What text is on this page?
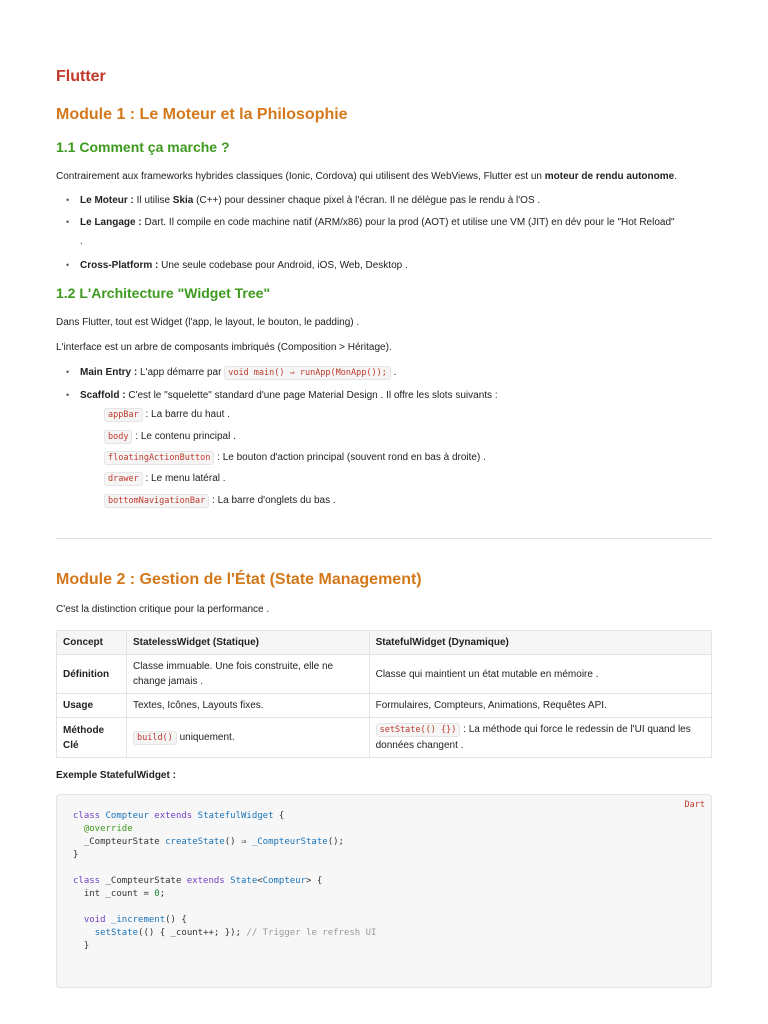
Flutter
Module 1 : Le Moteur et la Philosophie
1.1 Comment ça marche ?
Contrairement aux frameworks hybrides classiques (Ionic, Cordova) qui utilisent des WebViews, Flutter est un moteur de rendu autonome.
• Le Moteur : Il utilise Skia (C++) pour dessiner chaque pixel à l'écran. Il ne délègue pas le rendu à l'OS .
• Le Langage : Dart. Il compile en code machine natif (ARM/x86) pour la prod (AOT) et utilise une VM (JIT) en dév pour le "Hot Reload"
.
• Cross-Platform : Une seule codebase pour Android, iOS, Web, Desktop .
1.2 L'Architecture "Widget Tree"
Dans Flutter, tout est Widget (l'app, le layout, le bouton, le padding) .
L'interface est un arbre de composants imbriqués (Composition > Héritage).
• Main Entry : L'app démarre par void main() ⇒ runApp(MonApp()); .
• Scaffold : C'est le "squelette" standard d'une page Material Design . Il offre les slots suivants :
appBar : La barre du haut .
body : Le contenu principal .
floatingActionButton : Le bouton d'action principal (souvent rond en bas à droite) .
drawer : Le menu latéral .
bottomNavigationBar : La barre d'onglets du bas .
Module 2 : Gestion de l'État (State Management)
C'est la distinction critique pour la performance .
Concept	StatelessWidget (Statique)	StatefulWidget (Dynamique)
Définition	Classe immuable. Une fois construite, elle ne change jamais .	Classe qui maintient un état mutable en mémoire .
Usage	Textes, Icônes, Layouts fixes.	Formulaires, Compteurs, Animations, Requêtes API.
Méthode Clé	build() uniquement.	setState(() {}) : La méthode qui force le redessin de l'UI quand les données changent .
Exemple StatefulWidget :
Dart
class Compteur extends StatefulWidget {
@override
_CompteurState createState() ⇒ _CompteurState();
}

class _CompteurState extends State<Compteur> {
int _count = 0;

void _increment() {
setState(() { _count++; }); // Trigger le refresh UI
}
